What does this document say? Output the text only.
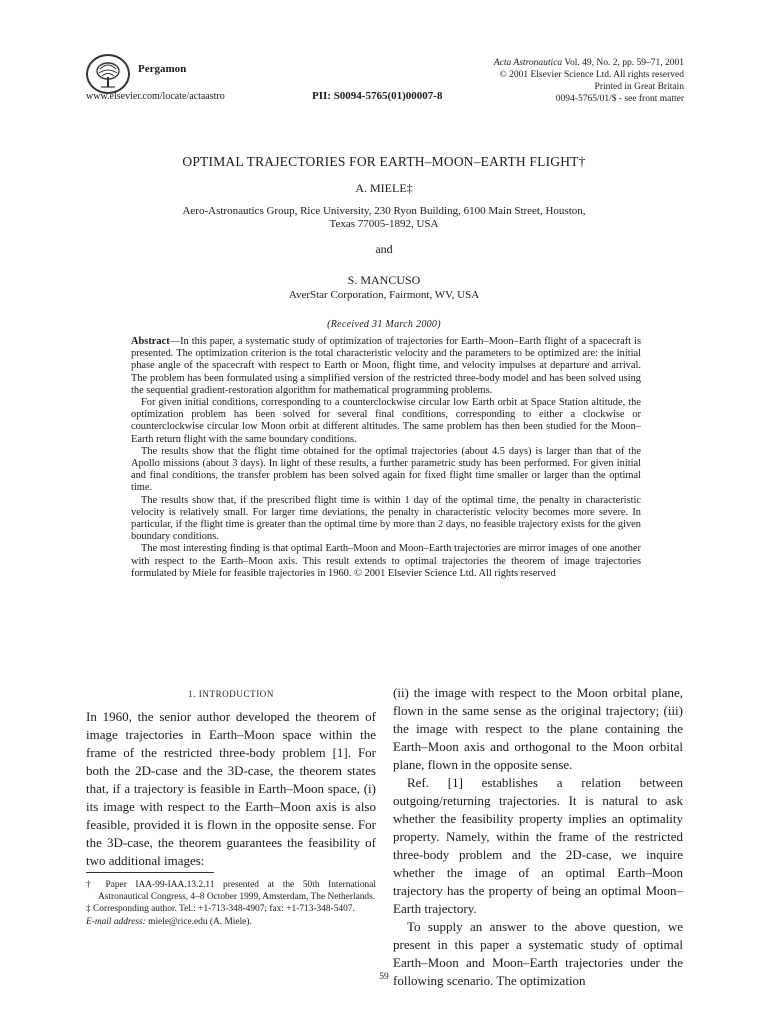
Pergamon
www.elsevier.com/locate/actaastro	PII: S0094-5765(01)00007-8
Acta Astronautica Vol. 49, No. 2, pp. 59–71, 2001
© 2001 Elsevier Science Ltd. All rights reserved
Printed in Great Britain
0094-5765/01/$ - see front matter
OPTIMAL TRAJECTORIES FOR EARTH–MOON–EARTH FLIGHT†
A. MIELE‡
Aero-Astronautics Group, Rice University, 230 Ryon Building, 6100 Main Street, Houston,
Texas 77005-1892, USA
and
S. MANCUSO
AverStar Corporation, Fairmont, WV, USA
(Received 31 March 2000)

Abstract—In this paper, a systematic study of optimization of trajectories for Earth–Moon–Earth flight of a spacecraft is presented. The optimization criterion is the total characteristic velocity and the parameters to be optimized are: the initial phase angle of the spacecraft with respect to Earth or Moon, flight time, and velocity impulses at departure and arrival. The problem has been formulated using a simplified version of the restricted three-body model and has been solved using the sequential gradient-restoration algorithm for mathematical programming problems.

For given initial conditions, corresponding to a counterclockwise circular low Earth orbit at Space Station altitude, the optimization problem has been solved for several final conditions, corresponding to either a clockwise or counterclockwise circular low Moon orbit at different altitudes. The same problem has then been studied for the Moon–Earth return flight with the same boundary conditions.

The results show that the flight time obtained for the optimal trajectories (about 4.5 days) is larger than that of the Apollo missions (about 3 days). In light of these results, a further parametric study has been performed. For given initial and final conditions, the transfer problem has been solved again for fixed flight time smaller or larger than the optimal time.

The results show that, if the prescribed flight time is within 1 day of the optimal time, the penalty in characteristic velocity is relatively small. For larger time deviations, the penalty in characteristic velocity becomes more severe. In particular, if the flight time is greater than the optimal time by more than 2 days, no feasible trajectory exists for the given boundary conditions.

The most interesting finding is that optimal Earth–Moon and Moon–Earth trajectories are mirror images of one another with respect to the Earth–Moon axis. This result extends to optimal trajectories the theorem of image trajectories formulated by Miele for feasible trajectories in 1960. © 2001 Elsevier Science Ltd. All rights reserved

1. INTRODUCTION

In 1960, the senior author developed the theorem of image trajectories in Earth–Moon space within the frame of the restricted three-body problem [1]. For both the 2D-case and the 3D-case, the theorem states that, if a trajectory is feasible in Earth–Moon space, (i) its image with respect to the Earth–Moon axis is also feasible, provided it is flown in the opposite sense. For the 3D-case, the theorem guarantees the feasibility of two additional images:

(ii) the image with respect to the Moon orbital plane, flown in the same sense as the original trajectory; (iii) the image with respect to the plane containing the Earth–Moon axis and orthogonal to the Moon orbital plane, flown in the opposite sense.

Ref. [1] establishes a relation between outgoing/returning trajectories. It is natural to ask whether the feasibility property implies an optimality property. Namely, within the frame of the restricted three-body problem and the 2D-case, we inquire whether the image of an optimal Earth–Moon trajectory has the property of being an optimal Moon–Earth trajectory.

To supply an answer to the above question, we present in this paper a systematic study of optimal Earth–Moon and Moon–Earth trajectories under the following scenario. The optimization

† Paper IAA-99-IAA.13.2.11 presented at the 50th International Astronautical Congress, 4–8 October 1999, Amsterdam, The Netherlands.

‡ Corresponding author. Tel.: +1-713-348-4907; fax: +1-713-348-5407.

E-mail address: miele@rice.edu (A. Miele).

59
